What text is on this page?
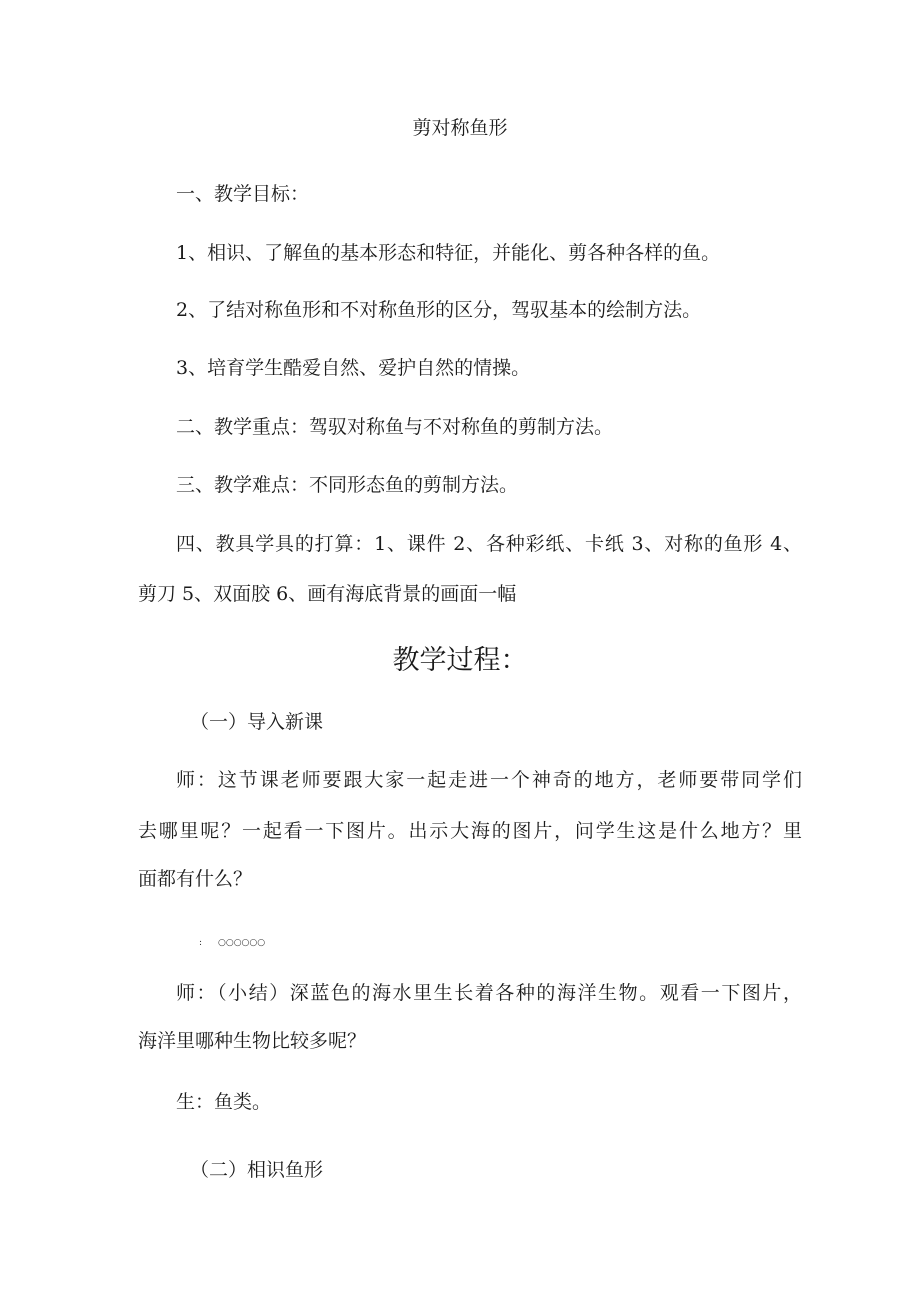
剪对称鱼形
一、教学目标：
1、相识、了解鱼的基本形态和特征，并能化、剪各种各样的鱼。
2、了结对称鱼形和不对称鱼形的区分，驾驭基本的绘制方法。
3、培育学生酷爱自然、爱护自然的情操。
二、教学重点：驾驭对称鱼与不对称鱼的剪制方法。
三、教学难点：不同形态鱼的剪制方法。
四、教具学具的打算：1、课件 2、各种彩纸、卡纸 3、对称的鱼形 4、
剪刀 5、双面胶 6、画有海底背景的画面一幅
教学过程：
（一）导入新课
师：这节课老师要跟大家一起走进一个神奇的地方，老师要带同学们
去哪里呢？一起看一下图片。出示大海的图片，问学生这是什么地方？里
面都有什么？
: ○○○○○○
师：（小结）深蓝色的海水里生长着各种的海洋生物。观看一下图片，
海洋里哪种生物比较多呢？
生：鱼类。
（二）相识鱼形
